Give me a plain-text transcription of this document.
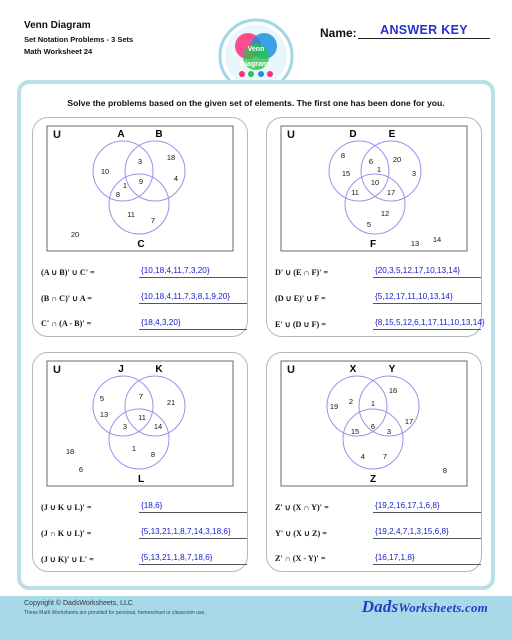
Venn Diagram
Set Notation Problems - 3 Sets
Math Worksheet 24	Venn
Diagrams
Name:	ANSWER KEY
Solve the problems based on the given set of elements. The first one has been done for you.
U	A	B
C
3	18
10
1 9	4
8
11
7
20
(A ∪ B)' ∪ C' =	{10,18,4,11,7,3,20}
(B ∩ C)' ∪ A =	{10,18,4,11,7,3,8,1,9,20}
C' ∩ (A - B)' =	{18,4,3,20}
U	D	E
F
8
6	20
15	1	3
10
11	17
12
5
13 14
D' ∪ (E ∩ F)' =	{20,3,5,12,17,10,13,14}
(D ∪ E)' ∪ F =	{5,12,17,11,10,13,14}
E' ∪ (D ∪ F) =	{8,15,5,12,6,1,17,11,10,13,14}
U	J	K
L
5	7
21
13	11
3	14
1
8
18
6
(J ∪ K ∪ L)' =	{18,6}
(J ∩ K ∪ L)' =	{5,13,21,1,8,7,14,3,18,6}
(J ∪ K)' ∪ L' =	{5,13,21,1,8,7,18,6}
U	X	Y
Z
16
2 1
19
17
15
6
3
4 7
8
Z' ∪ (X ∩ Y)' =	{19,2,16,17,1,6,8}
Y' ∪ (X ∪ Z) =	{19,2,4,7,1,3,15,6,8}
Z' ∩ (X - Y)' =	{16,17,1,8}
Copyright © DadsWorksheets, LLC
These Math Worksheets are provided for personal, homeschool or classroom use.	DadsWorksheets.com
